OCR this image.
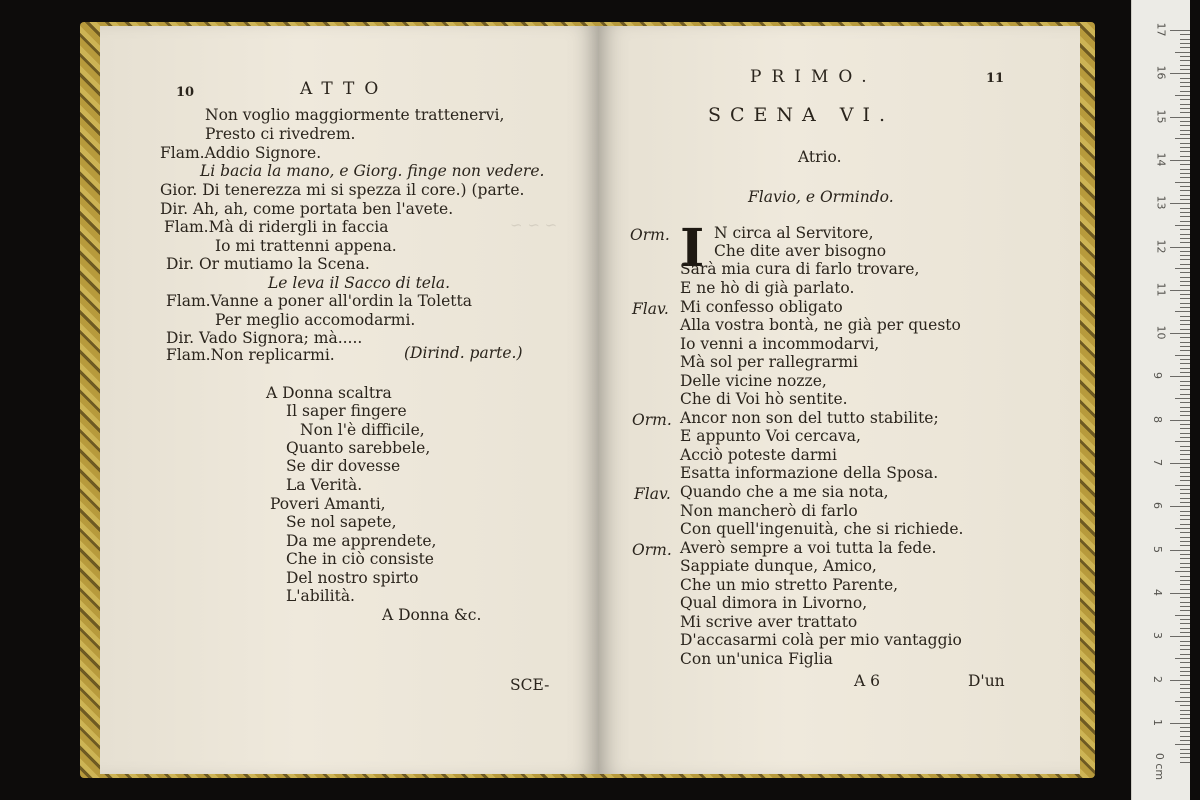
∽ ∽ ∽
10	ATTO
Non voglio maggiormente trattenervi,
Presto ci rivedrem.
Flam.Addio Signore.
Li bacia la mano, e Giorg. finge non vedere.
Gior. Di tenerezza mi si spezza il core.) (parte.
Dir. Ah, ah, come portata ben l'avete.
Flam.Mà di ridergli in faccia
Io mi trattenni appena.
Dir. Or mutiamo la Scena.
Le leva il Sacco di tela.
Flam.Vanne a poner all'ordin la Toletta
Per meglio accomodarmi.
Dir. Vado Signora; mà.....
Flam.Non replicarmi.	(Dirind. parte.)
A Donna scaltra
Il saper fingere
Non l'è difficile,
Quanto sarebbele,
Se dir dovesse
La Verità.
Poveri Amanti,
Se nol sapete,
Da me apprendete,
Che in ciò consiste
Del nostro spirto
L'abilità.
A Donna &c.
SCE-
PRIMO.	11
SCENA VI.
Atrio.
Flavio, e Ormindo.
I
Orm.	N circa al Servitore,
Che dite aver bisogno
Sarà mia cura di farlo trovare,
E ne hò di già parlato.
Flav. Mi confesso obligato
Alla vostra bontà, ne già per questo
Io venni a incommodarvi,
Mà sol per rallegrarmi
Delle vicine nozze,
Che di Voi hò sentite.
Orm. Ancor non son del tutto stabilite;
E appunto Voi cercava,
Acciò poteste darmi
Esatta informazione della Sposa.
Flav. Quando che a me sia nota,
Non mancherò di farlo
Con quell'ingenuità, che si richiede.
Orm. Averò sempre a voi tutta la fede.
Sappiate dunque, Amico,
Che un mio stretto Parente,
Qual dimora in Livorno,
Mi scrive aver trattato
D'accasarmi colà per mio vantaggio
Con un'unica Figlia
A 6	D'un
17
16
15
14
13
12
11
10
9
8
7
6
5
4
3
2
1
0 cm
